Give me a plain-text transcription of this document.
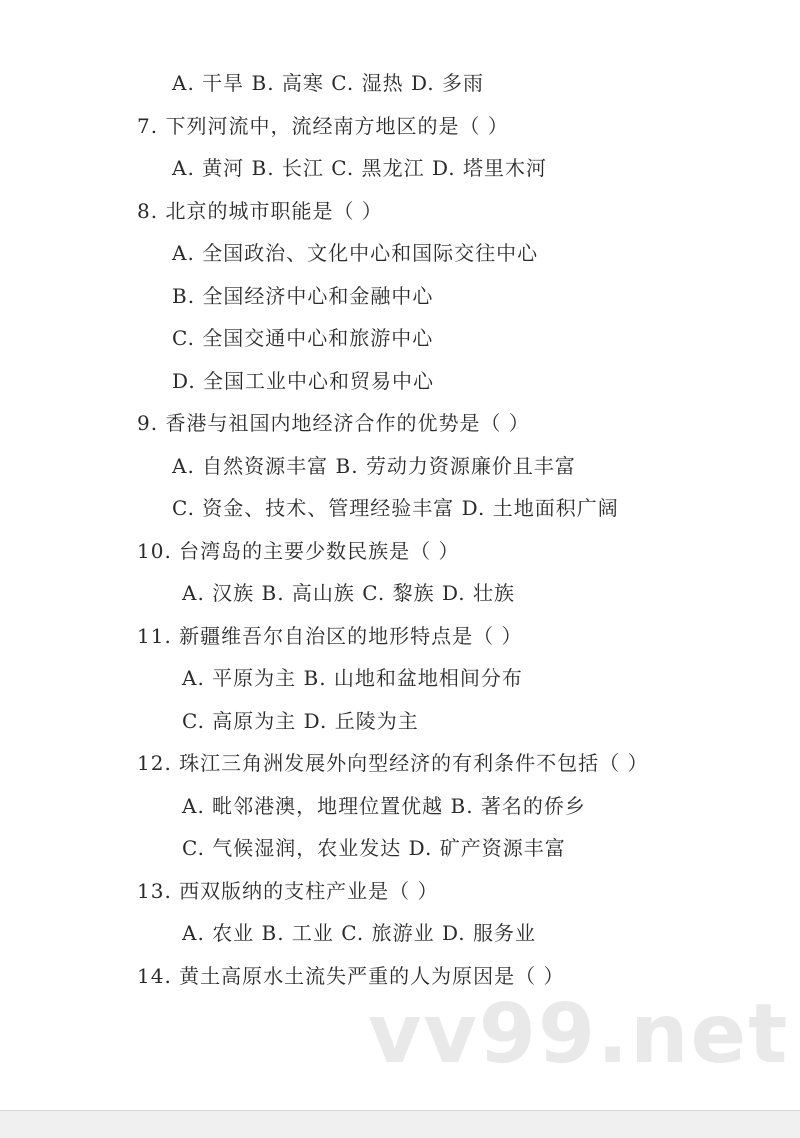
A. 干旱 B. 高寒 C. 湿热 D. 多雨
7. 下列河流中，流经南方地区的是（ ）
A. 黄河 B. 长江 C. 黑龙江 D. 塔里木河
8. 北京的城市职能是（ ）
A. 全国政治、文化中心和国际交往中心
B. 全国经济中心和金融中心
C. 全国交通中心和旅游中心
D. 全国工业中心和贸易中心
9. 香港与祖国内地经济合作的优势是（ ）
A. 自然资源丰富 B. 劳动力资源廉价且丰富
C. 资金、技术、管理经验丰富 D. 土地面积广阔
10. 台湾岛的主要少数民族是（ ）
A. 汉族 B. 高山族 C. 黎族 D. 壮族
11. 新疆维吾尔自治区的地形特点是（ ）
A. 平原为主 B. 山地和盆地相间分布
C. 高原为主 D. 丘陵为主
12. 珠江三角洲发展外向型经济的有利条件不包括（ ）
A. 毗邻港澳，地理位置优越 B. 著名的侨乡
C. 气候湿润，农业发达 D. 矿产资源丰富
13. 西双版纳的支柱产业是（ ）
A. 农业 B. 工业 C. 旅游业 D. 服务业
14. 黄土高原水土流失严重的人为原因是（ ）
vv99.net
